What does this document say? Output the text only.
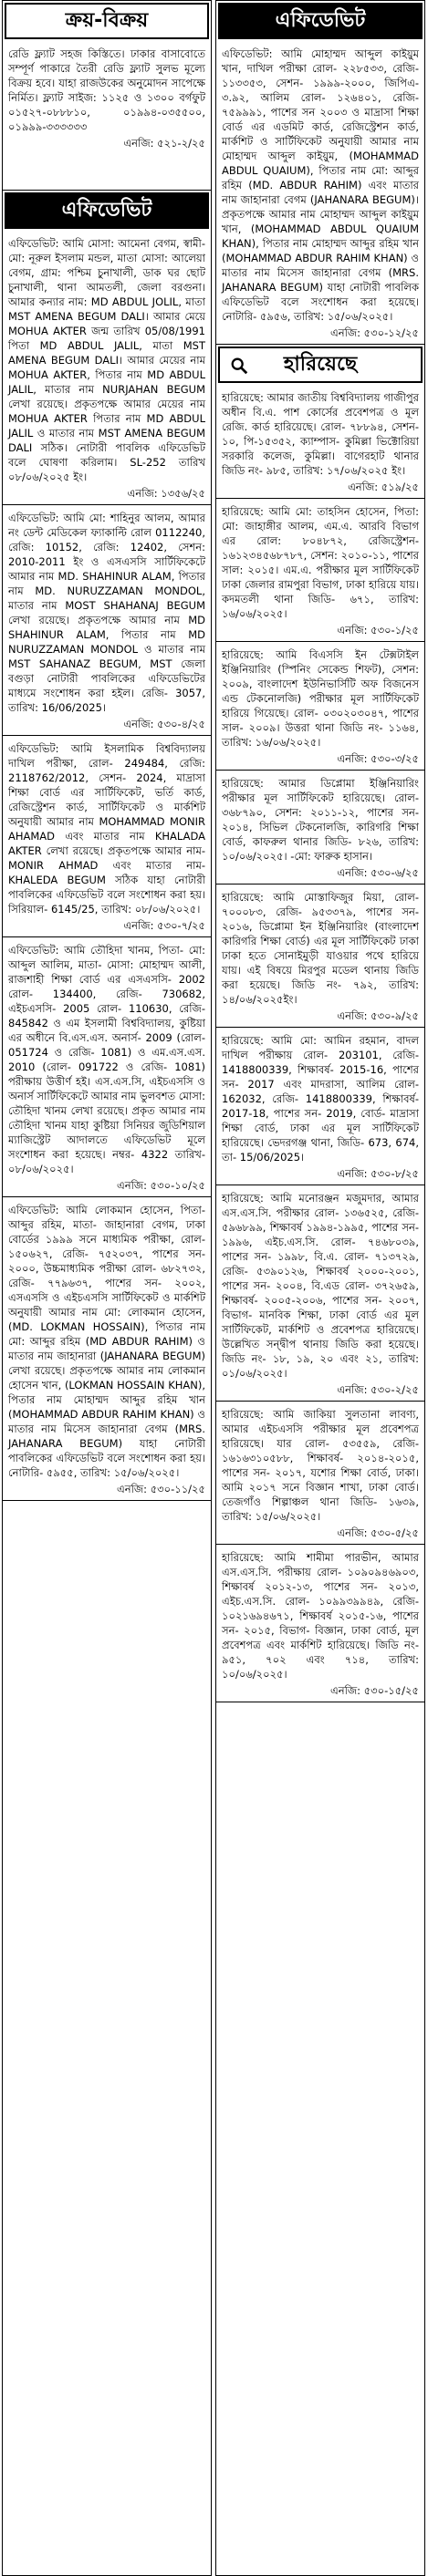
ক্রয়-বিক্রয়
রেডি ফ্ল্যাট সহজ কিস্তিতে। ঢাকার বাসাবোতে সম্পূর্ণ পাকারে তৈরী রেডি ফ্ল্যাট সুলভ মূল্যে বিক্রয় হবে। যাহা রাজউকের অনুমোদন সাপেক্ষে নির্মিত। ফ্ল্যাট সাইজ: ১১২৫ ও ১৩০০ বর্গফুট ০১৫২৭-০৮৮৮১০, ০১৯৯৪-০৩৫৫০০, ০১৯৯৯-৩৩৩৩৩৩
এনজি: ৫২১-২/২৫
এফিডেভিট
এফিডেভিট: আমি মোসা: আমেনা বেগম, স্বামী-মো: নূরুল ইসলাম মন্ডল, মাতা মোসা: আলেয়া বেগম, গ্রাম: পশ্চিম চুনাখালী, ডাক ঘর ছোট চুনাখালী, থানা আমতলী, জেলা বরগুনা। আমার কন্যার নাম: MD ABDUL JOLIL, মাতা MST AMENA BEGUM DALI। আমার মেয়ে MOHUA AKTER জন্ম তারিখ 05/08/1991 পিতা MD ABDUL JALIL, মাতা MST AMENA BEGUM DALI। আমার মেয়ের নাম MOHUA AKTER, পিতার নাম MD ABDUL JALIL, মাতার নাম NURJAHAN BEGUM লেখা রয়েছে। প্রকৃতপক্ষে আমার মেয়ের নাম MOHUA AKTER পিতার নাম MD ABDUL JALIL ও মাতার নাম MST AMENA BEGUM DALI সঠিক। নোটারী পাবলিক এফিডেভিট বলে ঘোষণা করিলাম। SL-252 তারিখ ০৮/০৬/২০২৫ ইং।
এনজি: ১৩৫৬/২৫
এফিডেভিট: আমি মো: শাহিনুর আলম, আমার নং ডেন্ট মেডিকেল ফ্যাকাল্টি রোল 0112240, রেজি: 10152, রেজি: 12402, সেশন: 2010-2011 ইং ও এসএসসি সার্টিফিকেটে আমার নাম MD. SHAHINUR ALAM, পিতার নাম MD. NURUZZAMAN MONDOL, মাতার নাম MOST SHAHANAJ BEGUM লেখা রয়েছে। প্রকৃতপক্ষে আমার নাম MD SHAHINUR ALAM, পিতার নাম MD NURUZZAMAN MONDOL ও মাতার নাম MST SAHANAZ BEGUM, MST জেলা বগুড়া নোটারী পাবলিকের এফিডেভিটের মাধ্যমে সংশোধন করা হইল। রেজি- 3057, তারিখ: 16/06/2025।
এনজি: ৫৩০-৪/২৫
এফিডেভিট: আমি ইসলামিক বিশ্ববিদ্যালয় দাখিল পরীক্ষা, রোল- 249484, রেজি: 2118762/2012, সেশন- 2024, মাদ্রাসা শিক্ষা বোর্ড এর সার্টিফিকেট, ভর্তি কার্ড, রেজিস্ট্রেশন কার্ড, সার্টিফিকেট ও মার্কশিট অনুযায়ী আমার নাম MOHAMMAD MONIR AHAMAD এবং মাতার নাম KHALADA AKTER লেখা রয়েছে। প্রকৃতপক্ষে আমার নাম- MONIR AHMAD এবং মাতার নাম- KHALEDA BEGUM সঠিক যাহা নোটারী পাবলিকের এফিডেভিট বলে সংশোধন করা হয়। সিরিয়াল- 6145/25, তারিখ: ০৮/০৬/২০২৫।
এনজি: ৫৩০-৭/২৫
এফিডেভিট: আমি তৌহিদা খানম, পিতা- মো: আব্দুল আলিম, মাতা- মোসা: মোহাম্মদ আলী, রাজশাহী শিক্ষা বোর্ড এর এসএসসি- 2002 রোল- 134400, রেজি- 730682, এইচএসসি- 2005 রোল- 110630, রেজি- 845842 ও এম ইসলামী বিশ্ববিদ্যালয়, কুষ্টিয়া এর অধীনে বি.এস.এস. অনার্স- 2009 (রোল- 051724 ও রেজি- 1081) ও এম.এস.এস. 2010 (রোল- 091722 ও রেজি- 1081) পরীক্ষায় উত্তীর্ণ হই। এস.এস.সি, এইচএসসি ও অনার্স সার্টিফিকেটে আমার নাম ভুলবশত মোসা: তৌহিদা খানম লেখা রয়েছে। প্রকৃত আমার নাম তৌহিদা খানম যাহা কুষ্টিয়া সিনিয়র জুডিশিয়াল ম্যাজিস্ট্রেট আদালতে এফিডেভিট মূলে সংশোধন করা হয়েছে। নম্বর- 4322 তারিখ- ০৮/০৬/২০২৫।
এনজি: ৫৩০-১০/২৫
এফিডেভিট: আমি লোকমান হোসেন, পিতা- আব্দুর রহিম, মাতা- জাহানারা বেগম, ঢাকা বোর্ডের ১৯৯৯ সনে মাধ্যমিক পরীক্ষা, রোল- ১৫০৬২৭, রেজি- ৭৫২০৩৭, পাশের সন- ২০০০, উচ্চমাধ্যমিক পরীক্ষা রোল- ৬৮২৭৩২, রেজি- ৭৭৯৬৩৭, পাশের সন- ২০০২, এসএসসি ও এইচএসসি সার্টিফিকেট ও মার্কশিট অনুযায়ী আমার নাম মো: লোকমান হোসেন, (MD. LOKMAN HOSSAIN), পিতার নাম মো: আব্দুর রহিম (MD ABDUR RAHIM) ও মাতার নাম জাহানারা (JAHANARA BEGUM) লেখা রয়েছে। প্রকৃতপক্ষে আমার নাম লোকমান হোসেন খান, (LOKMAN HOSSAIN KHAN), পিতার নাম মোহাম্মদ আব্দুর রহিম খান (MOHAMMAD ABDUR RAHIM KHAN) ও মাতার নাম মিসেস জাহানারা বেগম (MRS. JAHANARA BEGUM) যাহা নোটারী পাবলিকের এফিডেভিট বলে সংশোধন করা হয়। নোটারি- ৫৯৫৫, তারিখ: ১৫/০৬/২০২৫।
এনজি: ৫৩০-১১/২৫
এফিডেভিট
এফিডেভিট: আমি মোহাম্মদ আব্দুল কাইয়ুম খান, দাখিল পরীক্ষা রোল- ২২৮৫৩৩, রেজি- ১১৩৩৫৩, সেশন- ১৯৯৯-২০০০, জিপিএ- ৩.৯২, আলিম রোল- ১২৬৪০১, রেজি- ৭৫৯৯৯১, পাশের সন ২০০৩ ও মাদ্রাসা শিক্ষা বোর্ড এর এডমিট কার্ড, রেজিস্ট্রেশন কার্ড, মার্কশিট ও সার্টিফিকেট অনুযায়ী আমার নাম মোহাম্মদ আব্দুল কাইয়ুম, (MOHAMMAD ABDUL QUAIUM), পিতার নাম মো: আব্দুর রহিম (MD. ABDUR RAHIM) এবং মাতার নাম জাহানারা বেগম (JAHANARA BEGUM)। প্রকৃতপক্ষে আমার নাম মোহাম্মদ আব্দুল কাইয়ুম খান, (MOHAMMAD ABDUL QUAIUM KHAN), পিতার নাম মোহাম্মদ আব্দুর রহিম খান (MOHAMMAD ABDUR RAHIM KHAN) ও মাতার নাম মিসেস জাহানারা বেগম (MRS. JAHANARA BEGUM) যাহা নোটারী পাবলিক এফিডেভিট বলে সংশোধন করা হয়েছে। নোটারি- ৫৯৫৬, তারিখ: ১৫/০৬/২০২৫।
এনজি: ৫৩০-১২/২৫
হারিয়েছে
হারিয়েছে: আমার জাতীয় বিশ্ববিদ্যালয় গাজীপুর অধীন বি.এ. পাশ কোর্সের প্রবেশপত্র ও মূল রেজি. কার্ড হারিয়েছে। রোল- ৭৮৮৯৪, সেশন- ১০, পি-১৫৩৫২, ক্যাম্পাস- কুমিল্লা ভিক্টোরিয়া সরকারি কলেজ, কুমিল্লা। বাগেরহাট থানার জিডি নং- ৯৮৫, তারিখ: ১৭/০৬/২০২৫ ইং।
এনজি: ৫১৯/২৫
হারিয়েছে: আমি মো: তাহসিন হোসেন, পিতা: মো: জাহাঙ্গীর আলম, এম.এ. আরবি বিভাগ এর রোল: ৮০৪৮৭২, রেজিস্ট্রেশন- ১৬১২৩৪৫৬৮৭৮৭, সেশন: ২০১০-১১, পাশের সাল: ২০১৫। এম.এ. পরীক্ষার মূল সার্টিফিকেট ঢাকা জেলার রামপুরা বিভাগ, ঢাকা হারিয়ে যায়। কদমতলী থানা জিডি- ৬৭১, তারিখ: ১৬/০৬/২০২৫।
এনজি: ৫৩০-১/২৫
হারিয়েছে: আমি বিএসসি ইন টেক্সটাইল ইঞ্জিনিয়ারিং (স্পিনিং সেকেন্ড শিফট), সেশন: ২০০৯, বাংলাদেশ ইউনিভার্সিটি অফ বিজনেস এন্ড টেকনোলজি) পরীক্ষার মূল সার্টিফিকেট হারিয়ে গিয়েছে। রোল- ০৩০২০৩০৪৭, পাশের সাল- ২০০৯। উত্তরা থানা জিডি নং- ১১৬৪, তারিখ: ১৬/০৬/২০২৫।
এনজি: ৫৩০-৩/২৫
হারিয়েছে: আমার ডিপ্লোমা ইঞ্জিনিয়ারিং পরীক্ষার মূল সার্টিফিকেট হারিয়েছে। রোল- ৩৬৮৭৯০, সেশন: ২০১১-১২, পাশের সন- ২০১৪, সিভিল টেকনোলজি, কারিগরি শিক্ষা বোর্ড, কাফরুল থানার জিডি- ৮২৬, তারিখ: ১০/০৬/২০২৫। -মো: ফারুক হাসান।
এনজি: ৫৩০-৬/২৫
হারিয়েছে: আমি মোস্তাফিজুর মিয়া, রোল- ৭০০০৮৩, রেজি- ৯৫৩৩৭৯, পাশের সন- ২০১৬, ডিপ্লোমা ইন ইঞ্জিনিয়ারিং (বাংলাদেশ কারিগরি শিক্ষা বোর্ড) এর মূল সার্টিফিকেট ঢাকা ঢাকা হতে সোনাইমুড়ী যাওয়ার পথে হারিয়ে যায়। এই বিষয়ে মিরপুর মডেল থানায় জিডি করা হয়েছে। জিডি নং- ৭৯২, তারিখ: ১৪/০৬/২০২৫ইং।
এনজি: ৫৩০-৯/২৫
হারিয়েছে: আমি মো: আমিন রহমান, বাদল দাখিল পরীক্ষায় রোল- 203101, রেজি- 1418800339, শিক্ষাবর্ষ- 2015-16, পাশের সন- 2017 এবং মাদরাসা, আলিম রোল- 162032, রেজি- 1418800339, শিক্ষাবর্ষ- 2017-18, পাশের সন- 2019, বোর্ড- মাদ্রাসা শিক্ষা বোর্ড, ঢাকা এর মূল সার্টিফিকেট হারিয়েছে। ভেদরগঞ্জ থানা, জিডি- 673, 674, তা- 15/06/2025।
এনজি: ৫৩০-৮/২৫
হারিয়েছে: আমি মনোরঞ্জন মজুমদার, আমার এস.এস.সি. পরীক্ষার রোল- ১৩৬৫২৫, রেজি- ৫৯৬৮৯৯, শিক্ষাবর্ষ ১৯৯৪-১৯৯৫, পাশের সন- ১৯৯৬, এইচ.এস.সি. রোল- ৭৪৬৮০৩৯, পাশের সন- ১৯৯৮, বি.এ. রোল- ৭১৩৭২৯, রেজি- ৫৩৯০১২৬, শিক্ষাবর্ষ ২০০০-২০০১, পাশের সন- ২০০৪, বি.এড রোল- ৩৭২৬৫৯, শিক্ষাবর্ষ- ২০০৫-২০০৬, পাশের সন- ২০০৭, বিভাগ- মানবিক শিক্ষা, ঢাকা বোর্ড এর মূল সার্টিফিকেট, মার্কশিট ও প্রবেশপত্র হারিয়েছে। উল্লেখিত সন্দ্বীপ থানায় জিডি করা হয়েছে। জিডি নং- ১৮, ১৯, ২০ এবং ২১, তারিখ: ০১/০৬/২০২৫।
এনজি: ৫৩০-২/২৫
হারিয়েছে: আমি জাকিয়া সুলতানা লাবণ্য, আমার এইচএসসি পরীক্ষার মূল প্রবেশপত্র হারিয়েছে। যার রোল- ৫৩৫৫৯, রেজি- ১৬১৬৩১০৫৮৮, শিক্ষাবর্ষ- ২০১৪-২০১৫, পাশের সন- ২০১৭, যশোর শিক্ষা বোর্ড, ঢাকা। আমি ২০১৭ সনে বিজ্ঞান শাখা, ঢাকা বোর্ড। তেজগাঁও শিল্পাঞ্চল থানা জিডি- ১৬৩৯, তারিখ: ১৫/০৬/২০২৫।
এনজি: ৫৩০-৫/২৫
হারিয়েছে: আমি শামীমা পারভীন, আমার এস.এস.সি. পরীক্ষায় রোল- ১০৯০৯৪৬৯০৩, শিক্ষাবর্ষ ২০১২-১৩, পাশের সন- ২০১৩, এইচ.এস.সি. রোল- ১০৯৯৩৯৯৪৯, রেজি- ১০২১৬৯৪৬৭১, শিক্ষাবর্ষ ২০১৫-১৬, পাশের সন- ২০১৫, বিভাগ- বিজ্ঞান, ঢাকা বোর্ড, মূল প্রবেশপত্র এবং মার্কশিট হারিয়েছে। জিডি নং- ৯৫১, ৭০২ এবং ৭১৪, তারিখ: ১০/০৬/২০২৫।
এনজি: ৫৩০-১৫/২৫
